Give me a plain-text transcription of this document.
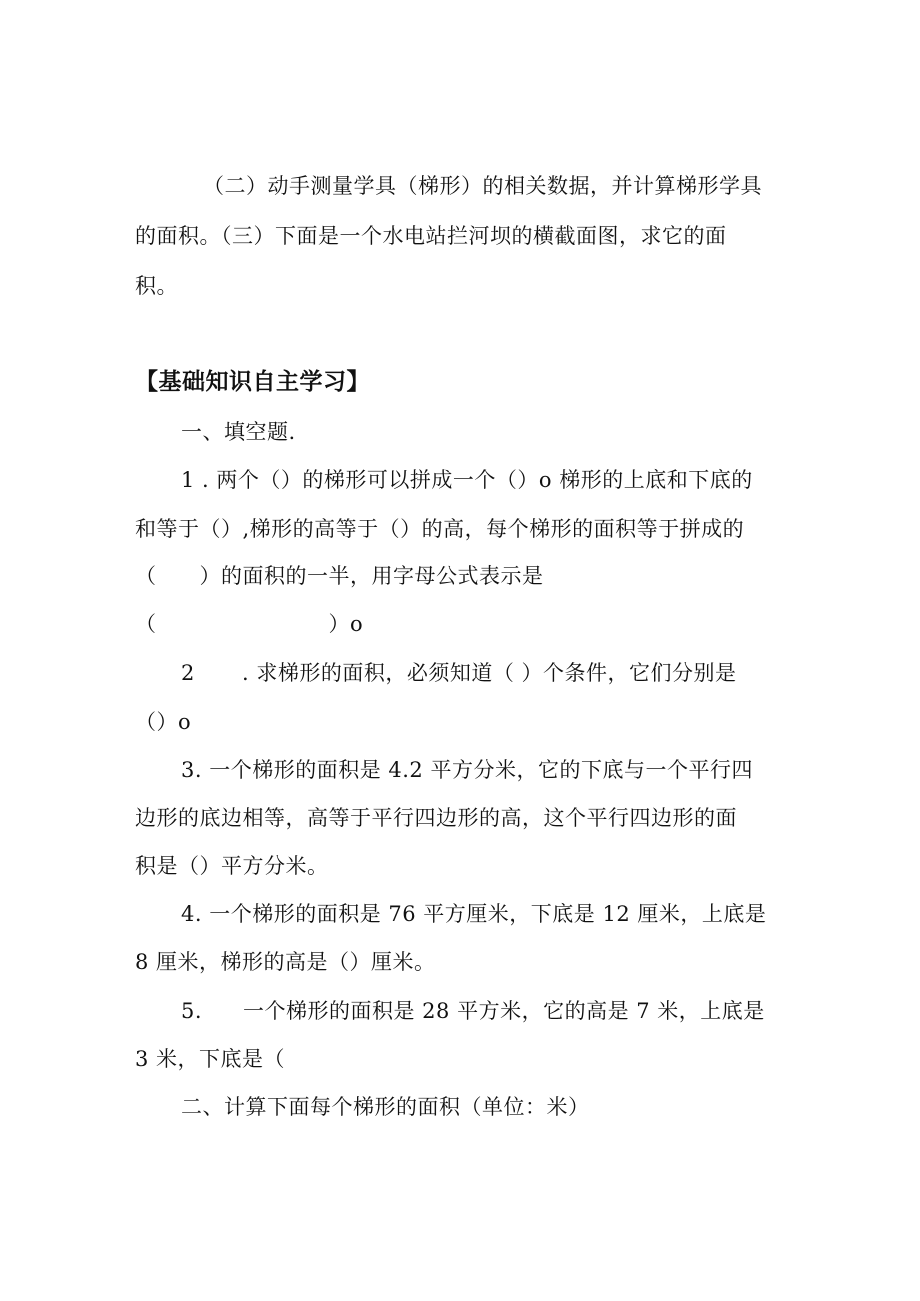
（二）动手测量学具（梯形）的相关数据，并计算梯形学具
的面积。（三）下面是一个水电站拦河坝的横截面图，求它的面
积。
【基础知识自主学习】
一、填空题.
1 . 两个（）的梯形可以拼成一个（）o 梯形的上底和下底的
和等于（）,梯形的高等于（）的高，每个梯形的面积等于拼成的
（　　）的面积的一半，用字母公式表示是
（　　　　　　　　）o
2	. 求梯形的面积，必须知道（ ）个条件，它们分别是
（）o
3. 一个梯形的面积是 4.2 平方分米，它的下底与一个平行四
边形的底边相等，高等于平行四边形的高，这个平行四边形的面
积是（）平方分米。
4. 一个梯形的面积是 76 平方厘米，下底是 12 厘米，上底是
8 厘米，梯形的高是（）厘米。
5.	一个梯形的面积是 28 平方米，它的高是 7 米，上底是
3 米，下底是（
二、计算下面每个梯形的面积（单位：米）
